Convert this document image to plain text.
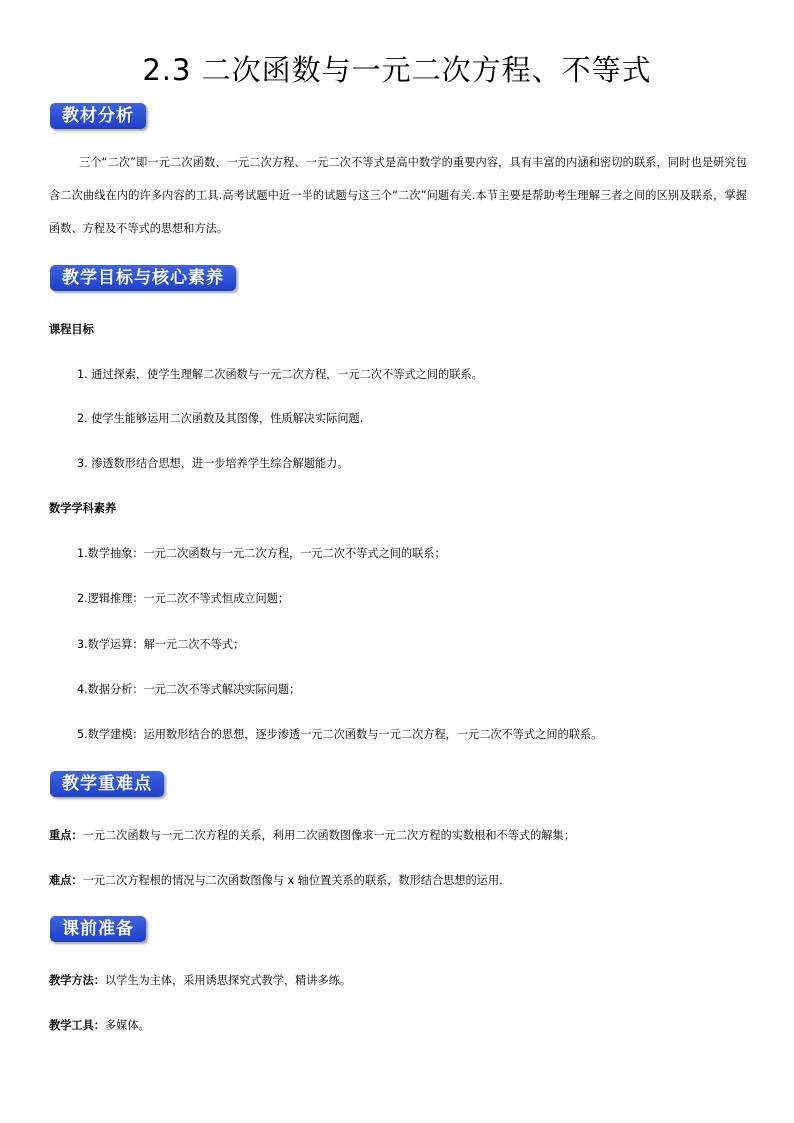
2.3 二次函数与一元二次方程、不等式
教材分析
三个“二次”即一元二次函数、一元二次方程、一元二次不等式是高中数学的重要内容，具有丰富的内涵和密切的联系，同时也是研究包含二次曲线在内的许多内容的工具.高考试题中近一半的试题与这三个“二次”问题有关.本节主要是帮助考生理解三者之间的区别及联系，掌握函数、方程及不等式的思想和方法。
教学目标与核心素养
课程目标
1. 通过探索，使学生理解二次函数与一元二次方程，一元二次不等式之间的联系。
2. 使学生能够运用二次函数及其图像，性质解决实际问题.
3. 渗透数形结合思想，进一步培养学生综合解题能力。
数学学科素养
1.数学抽象：一元二次函数与一元二次方程，一元二次不等式之间的联系；
2.逻辑推理：一元二次不等式恒成立问题；
3.数学运算：解一元二次不等式；
4.数据分析：一元二次不等式解决实际问题；
5.数学建模：运用数形结合的思想，逐步渗透一元二次函数与一元二次方程，一元二次不等式之间的联系。
教学重难点
重点：一元二次函数与一元二次方程的关系，利用二次函数图像求一元二次方程的实数根和不等式的解集；
难点：一元二次方程根的情况与二次函数图像与 x 轴位置关系的联系，数形结合思想的运用.
课前准备
教学方法：以学生为主体，采用诱思探究式教学，精讲多练。
教学工具：多媒体。
